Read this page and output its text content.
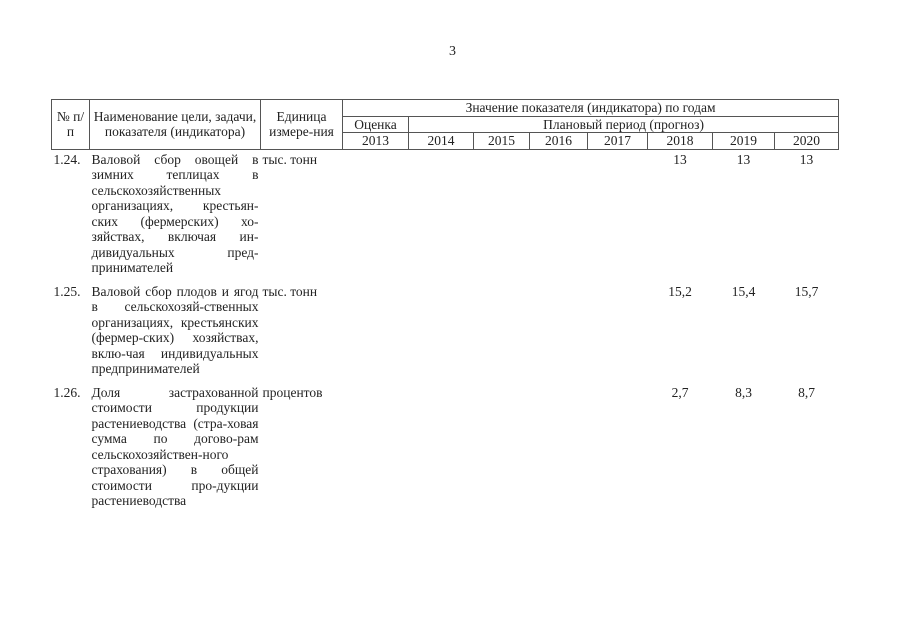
3
№ п/п	Наименование цели, задачи, показателя (индикатора)	Единица измере-ния	Значение показателя (индикатора) по годам							
			Оценка	Плановый период (прогноз)						
			2013	2014	2015	2016	2017	2018	2019	2020
1.24.	Валовой сбор овощей в зимних теплицах в сельскохозяйственных организациях, крестьян-ских (фермерских) хо-зяйствах, включая ин-дивидуальных пред-принимателей	тыс. тонн						13	13	13
1.25.	Валовой сбор плодов и ягод в сельскохозяй-ственных организациях, крестьянских (фермер-ских) хозяйствах, вклю-чая индивидуальных предпринимателей	тыс. тонн						15,2	15,4	15,7
1.26.	Доля застрахованной стоимости продукции растениеводства (стра-ховая сумма по догово-рам сельскохозяйствен-ного страхования) в общей стоимости про-дукции растениеводства	процентов						2,7	8,3	8,7
